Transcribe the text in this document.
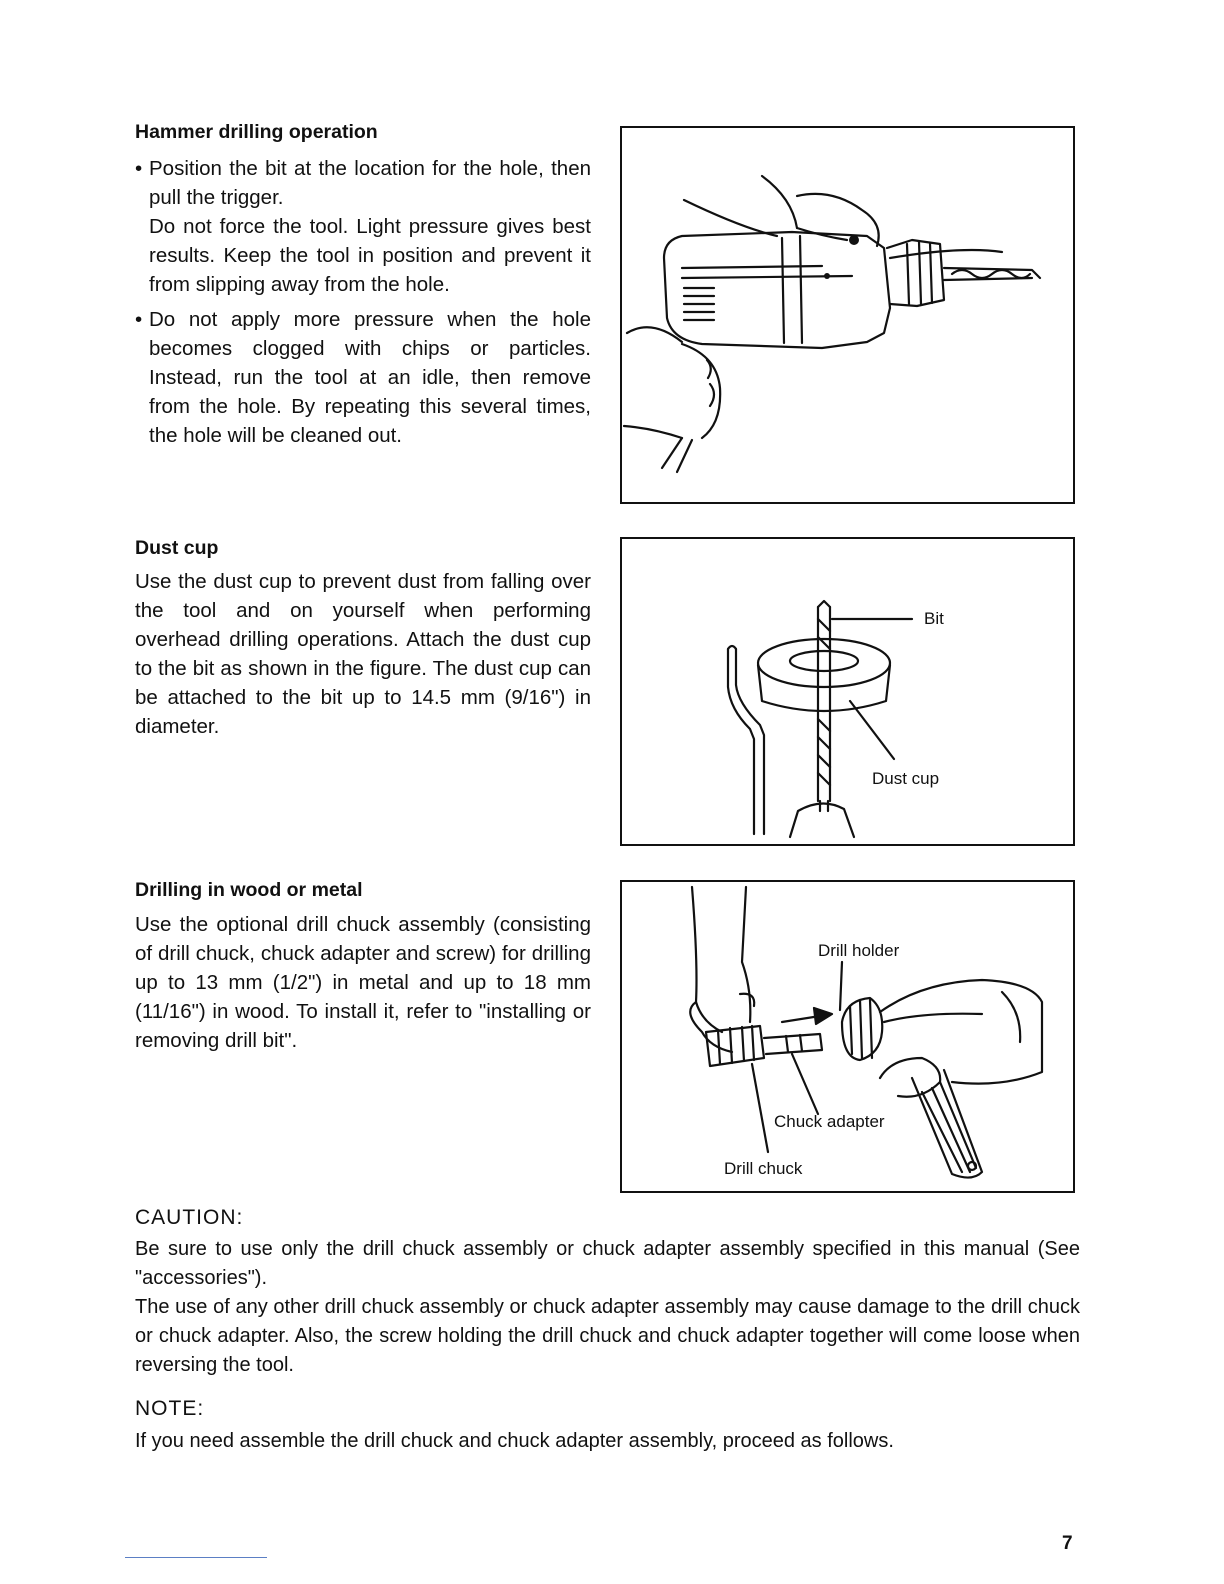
Hammer drilling operation

• Position the bit at the location for the hole, then pull the trigger.

Do not force the tool. Light pressure gives best results. Keep the tool in position and prevent it from slipping away from the hole.

• Do not apply more pressure when the hole becomes clogged with chips or particles. Instead, run the tool at an idle, then remove from the hole. By repeating this several times, the hole will be cleaned out.

Dust cup

Use the dust cup to prevent dust from falling over the tool and on yourself when performing overhead drilling operations. Attach the dust cup to the bit as shown in the figure. The dust cup can be attached to the bit up to 14.5 mm (9/16") in diameter.

Bit
Dust cup
Drilling in wood or metal

Use the optional drill chuck assembly (consisting of drill chuck, chuck adapter and screw) for drilling up to 13 mm (1/2") in metal and up to 18 mm (11/16") in wood. To install it, refer to "installing or removing drill bit".

Drill holder
Chuck adapter
Drill chuck
CAUTION:

Be sure to use only the drill chuck assembly or chuck adapter assembly specified in this manual (See "accessories").

The use of any other drill chuck assembly or chuck adapter assembly may cause damage to the drill chuck or chuck adapter. Also, the screw holding the drill chuck and chuck adapter together will come loose when reversing the tool.

NOTE:

If you need assemble the drill chuck and chuck adapter assembly, proceed as follows.

7
